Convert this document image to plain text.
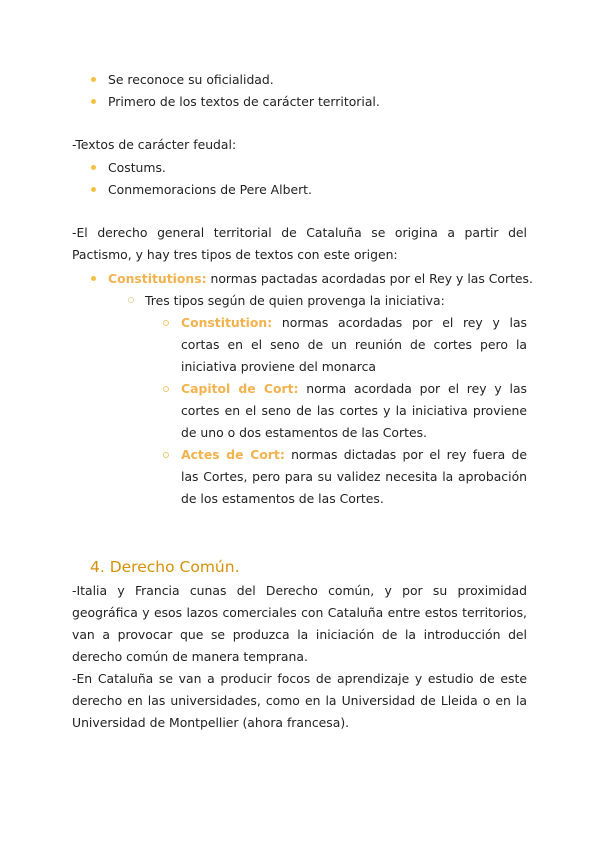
Se reconoce su oficialidad.
Primero de los textos de carácter territorial.
-Textos de carácter feudal:
Costums.
Conmemoracions de Pere Albert.
-El derecho general territorial de Cataluña se origina a partir del Pactismo, y hay tres tipos de textos con este origen:
Constitutions: normas pactadas acordadas por el Rey y las Cortes.
Tres tipos según de quien provenga la iniciativa:
Constitution: normas acordadas por el rey y las cortas en el seno de un reunión de cortes pero la iniciativa proviene del monarca
Capitol de Cort: norma acordada por el rey y las cortes en el seno de las cortes y la iniciativa proviene de uno o dos estamentos de las Cortes.
Actes de Cort: normas dictadas por el rey fuera de las Cortes, pero para su validez necesita la aprobación de los estamentos de las Cortes.
4. Derecho Común.
-Italia y Francia cunas del Derecho común, y por su proximidad geográfica y esos lazos comerciales con Cataluña entre estos territorios, van a provocar que se produzca la iniciación de la introducción del derecho común de manera temprana.
-En Cataluña se van a producir focos de aprendizaje y estudio de este derecho en las universidades, como en la Universidad de Lleida o en la Universidad de Montpellier (ahora francesa).
